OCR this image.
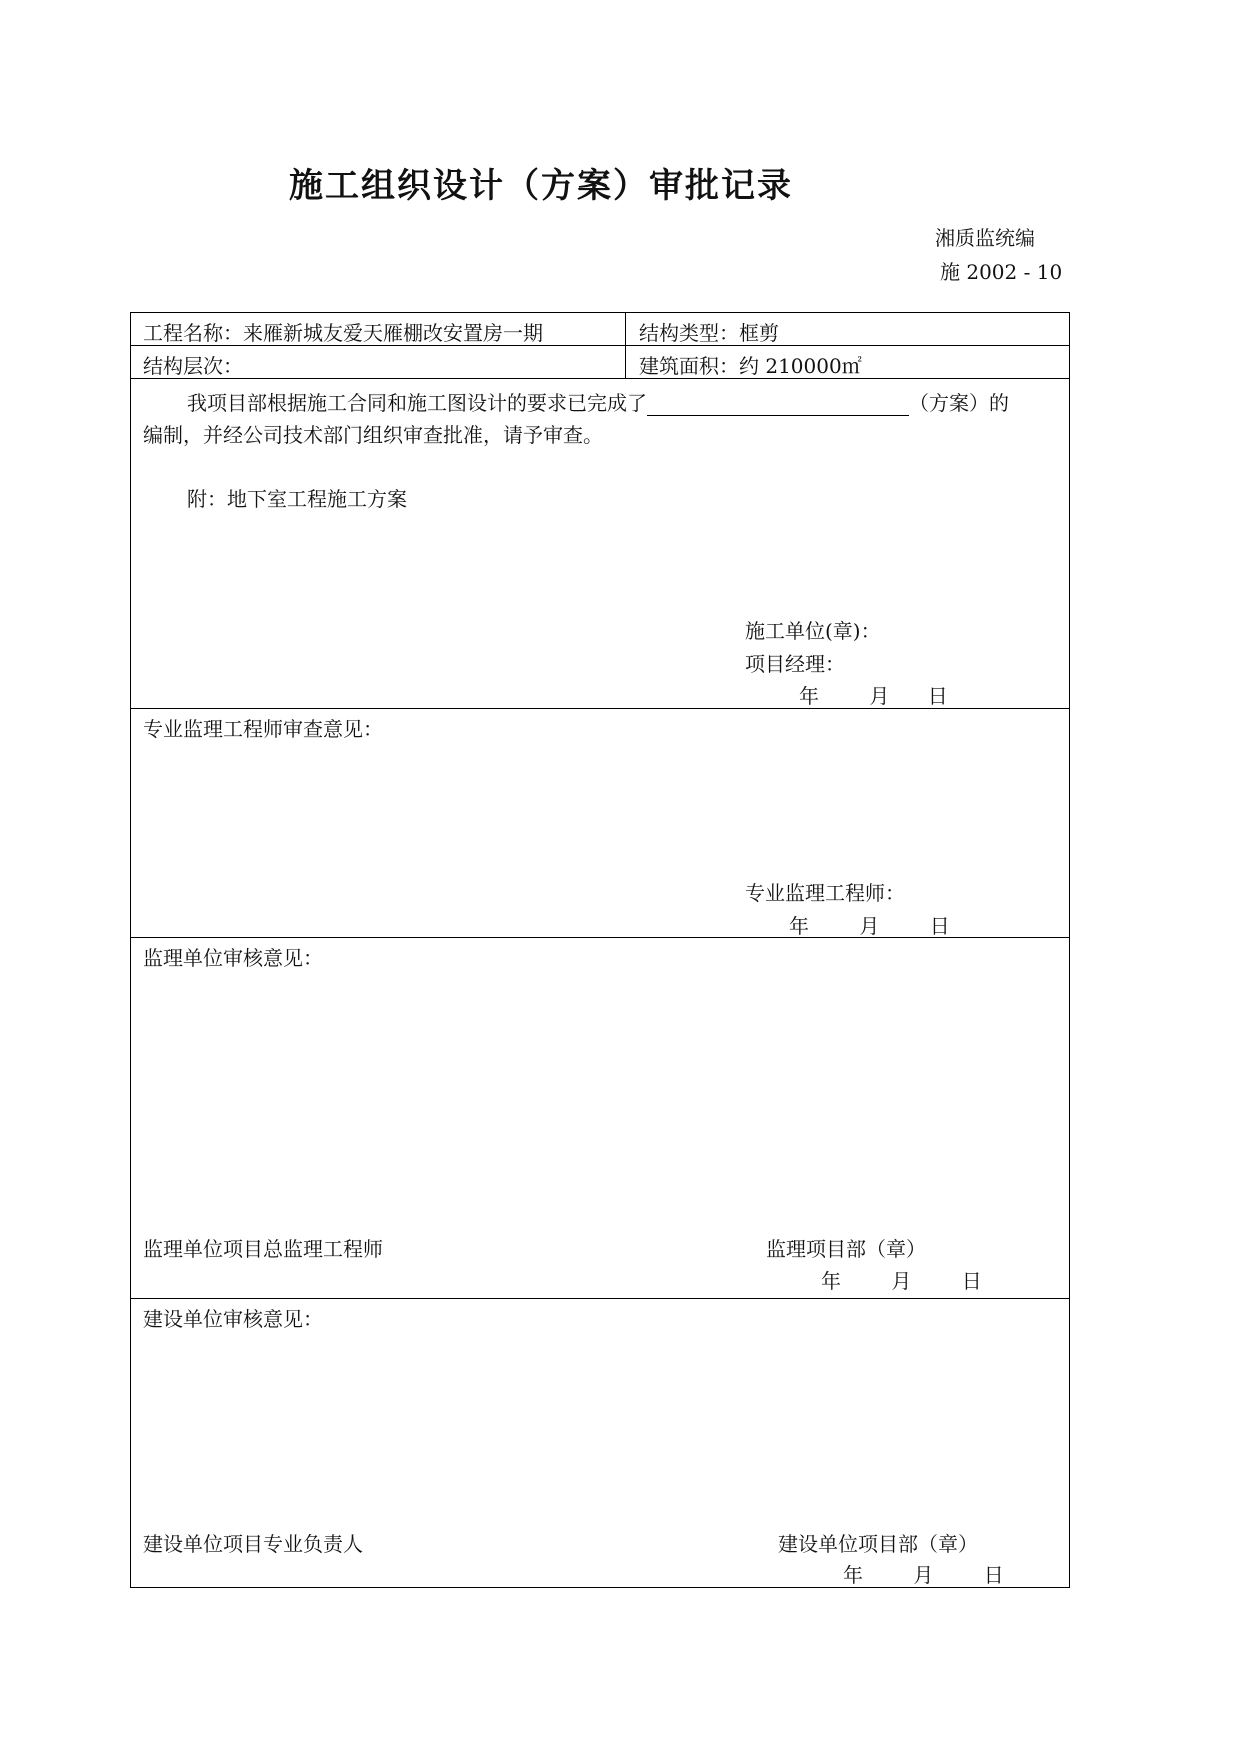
施工组织设计（方案）审批记录
湘质监统编
施 2002 - 10
工程名称：来雁新城友爱天雁棚改安置房一期	结构类型：框剪
结构层次：	建筑面积：约 210000㎡
我项目部根据施工合同和施工图设计的要求已完成了	（方案）的
编制，并经公司技术部门组织审查批准，请予审查。
附：地下室工程施工方案
施工单位(章)：
项目经理：
年	月 日
专业监理工程师审查意见：
专业监理工程师：
年	月	日
监理单位审核意见：
监理单位项目总监理工程师	监理项目部（章）
年	月	日
建设单位审核意见：
建设单位项目专业负责人	建设单位项目部（章）
年	月	日
